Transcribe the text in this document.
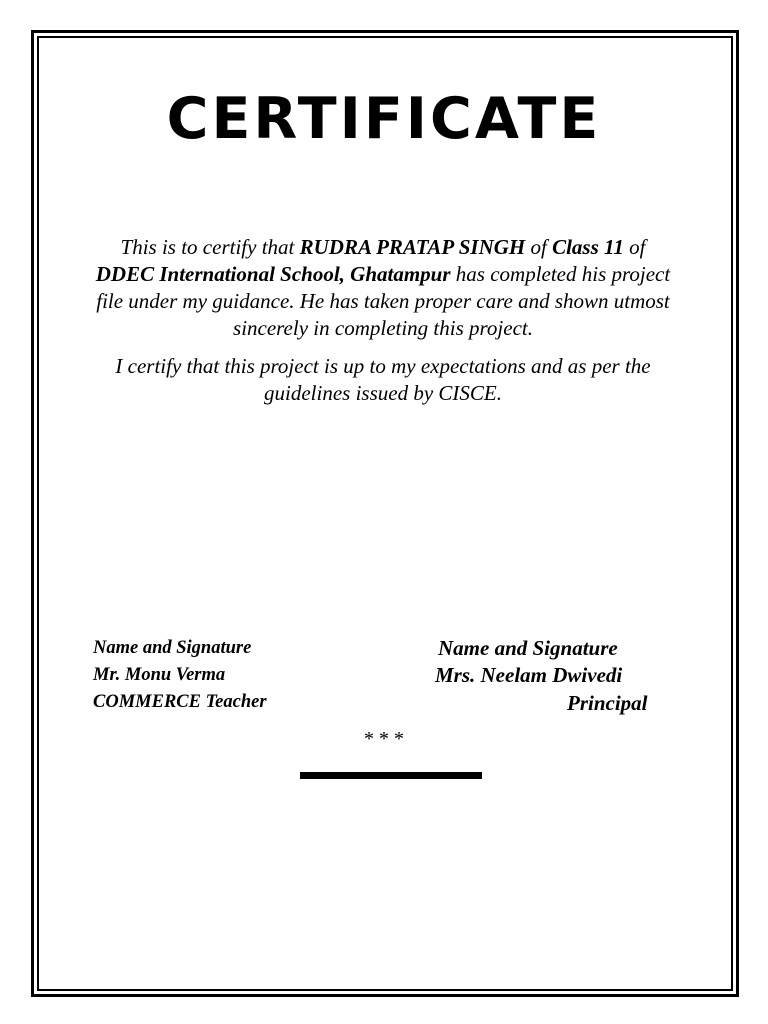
CERTIFICATE

This is to certify that RUDRA PRATAP SINGH of Class 11 of DDEC International School, Ghatampur has completed his project file under my guidance. He has taken proper care and shown utmost sincerely in completing this project.

I certify that this project is up to my expectations and as per the guidelines issued by CISCE.

Name and Signature
Mr. Monu Verma
COMMERCE Teacher
Name and Signature
Mrs. Neelam Dwivedi
Principal
* * *
